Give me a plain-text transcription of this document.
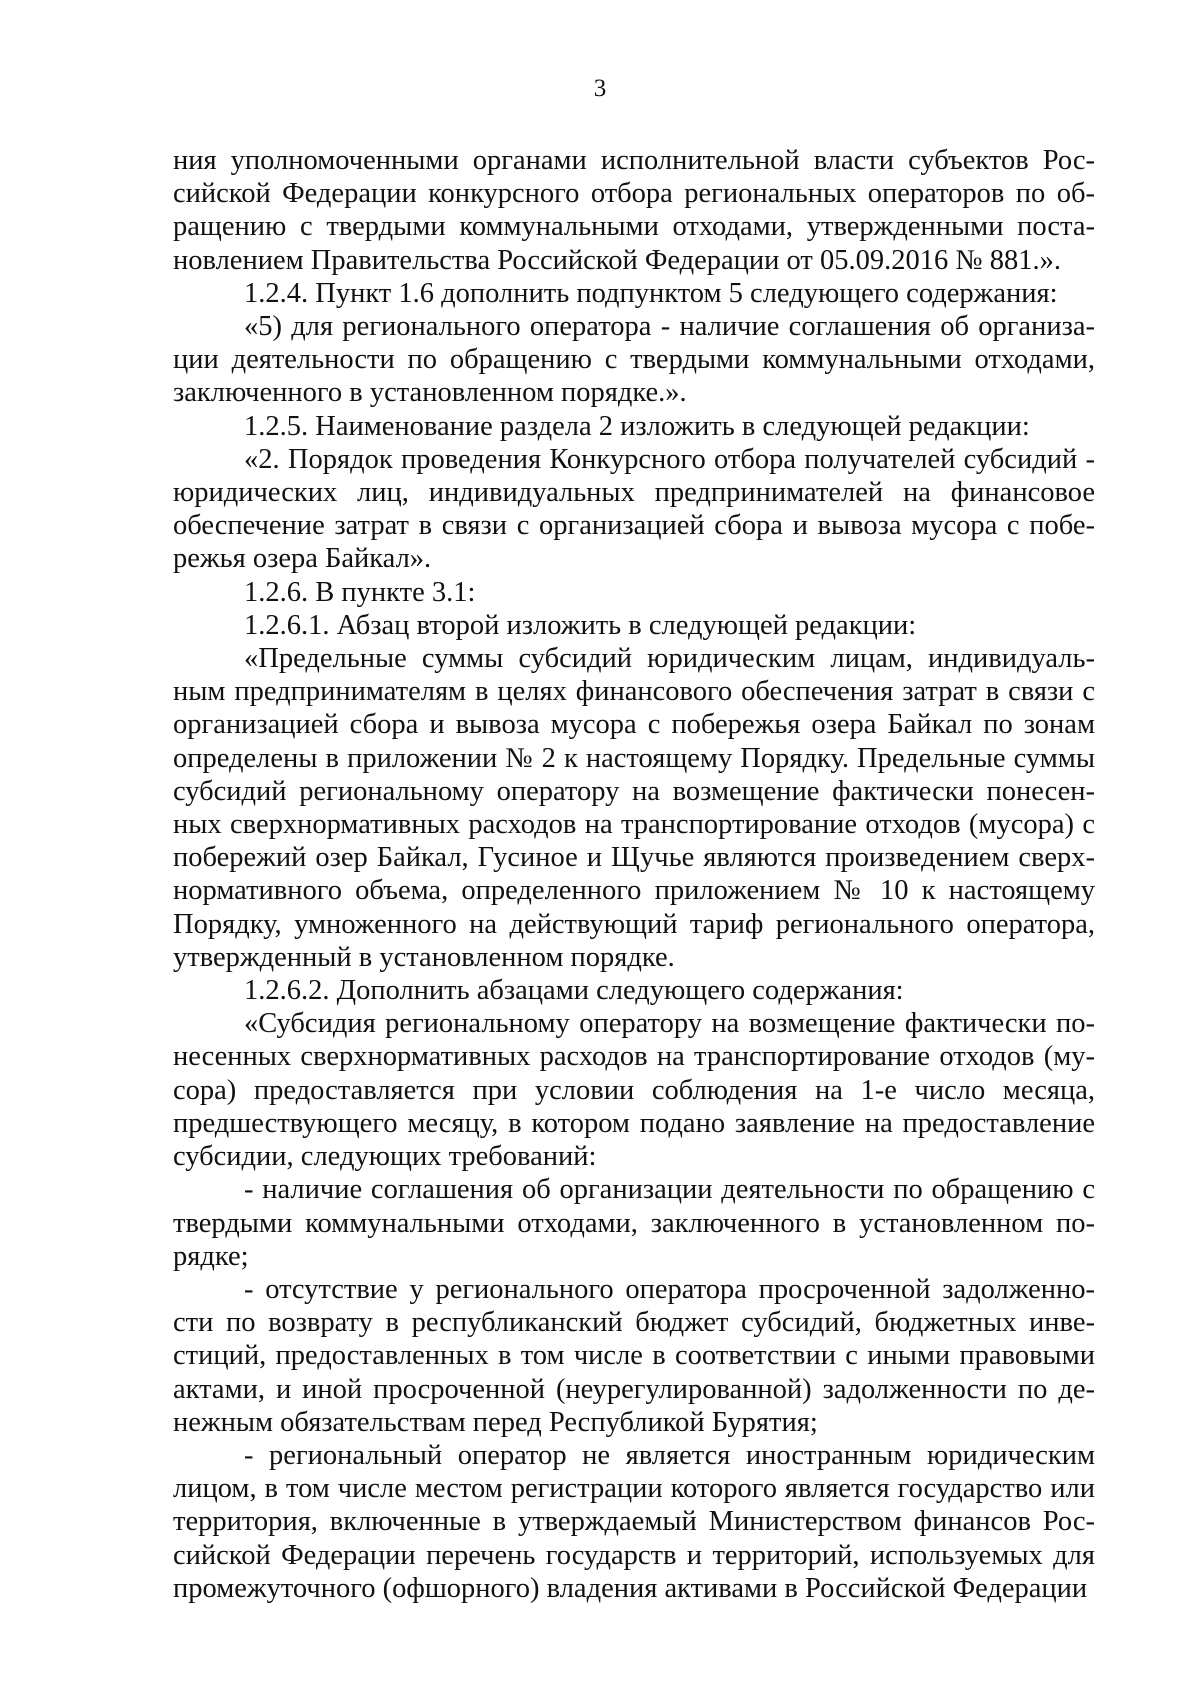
3

ния уполномоченными органами исполнительной власти субъектов Российской Федерации конкурсного отбора региональных операторов по обращению с твердыми коммунальными отходами, утвержденными постановлением Правительства Российской Федерации от 05.09.2016 № 881.».

1.2.4. Пункт 1.6 дополнить подпунктом 5 следующего содержания:

«5) для регионального оператора - наличие соглашения об организации деятельности по обращению с твердыми коммунальными отходами, заключенного в установленном порядке.».

1.2.5. Наименование раздела 2 изложить в следующей редакции:

«2. Порядок проведения Конкурсного отбора получателей субсидий - юридических лиц, индивидуальных предпринимателей на финансовое обеспечение затрат в связи с организацией сбора и вывоза мусора с побережья озера Байкал».

1.2.6. В пункте 3.1:

1.2.6.1. Абзац второй изложить в следующей редакции:

«Предельные суммы субсидий юридическим лицам, индивидуальным предпринимателям в целях финансового обеспечения затрат в связи с организацией сбора и вывоза мусора с побережья озера Байкал по зонам определены в приложении № 2 к настоящему Порядку. Предельные суммы субсидий региональному оператору на возмещение фактически понесенных сверхнормативных расходов на транспортирование отходов (мусора) с побережий озер Байкал, Гусиное и Щучье являются произведением сверхнормативного объема, определенного приложением № 10 к настоящему Порядку, умноженного на действующий тариф регионального оператора, утвержденный в установленном порядке.

1.2.6.2. Дополнить абзацами следующего содержания:

«Субсидия региональному оператору на возмещение фактически понесенных сверхнормативных расходов на транспортирование отходов (мусора) предоставляется при условии соблюдения на 1-е число месяца, предшествующего месяцу, в котором подано заявление на предоставление субсидии, следующих требований:

- наличие соглашения об организации деятельности по обращению с твердыми коммунальными отходами, заключенного в установленном порядке;

- отсутствие у регионального оператора просроченной задолженности по возврату в республиканский бюджет субсидий, бюджетных инвестиций, предоставленных в том числе в соответствии с иными правовыми актами, и иной просроченной (неурегулированной) задолженности по денежным обязательствам перед Республикой Бурятия;

- региональный оператор не является иностранным юридическим лицом, в том числе местом регистрации которого является государство или территория, включенные в утверждаемый Министерством финансов Российской Федерации перечень государств и территорий, используемых для промежуточного (офшорного) владения активами в Российской Федерации
